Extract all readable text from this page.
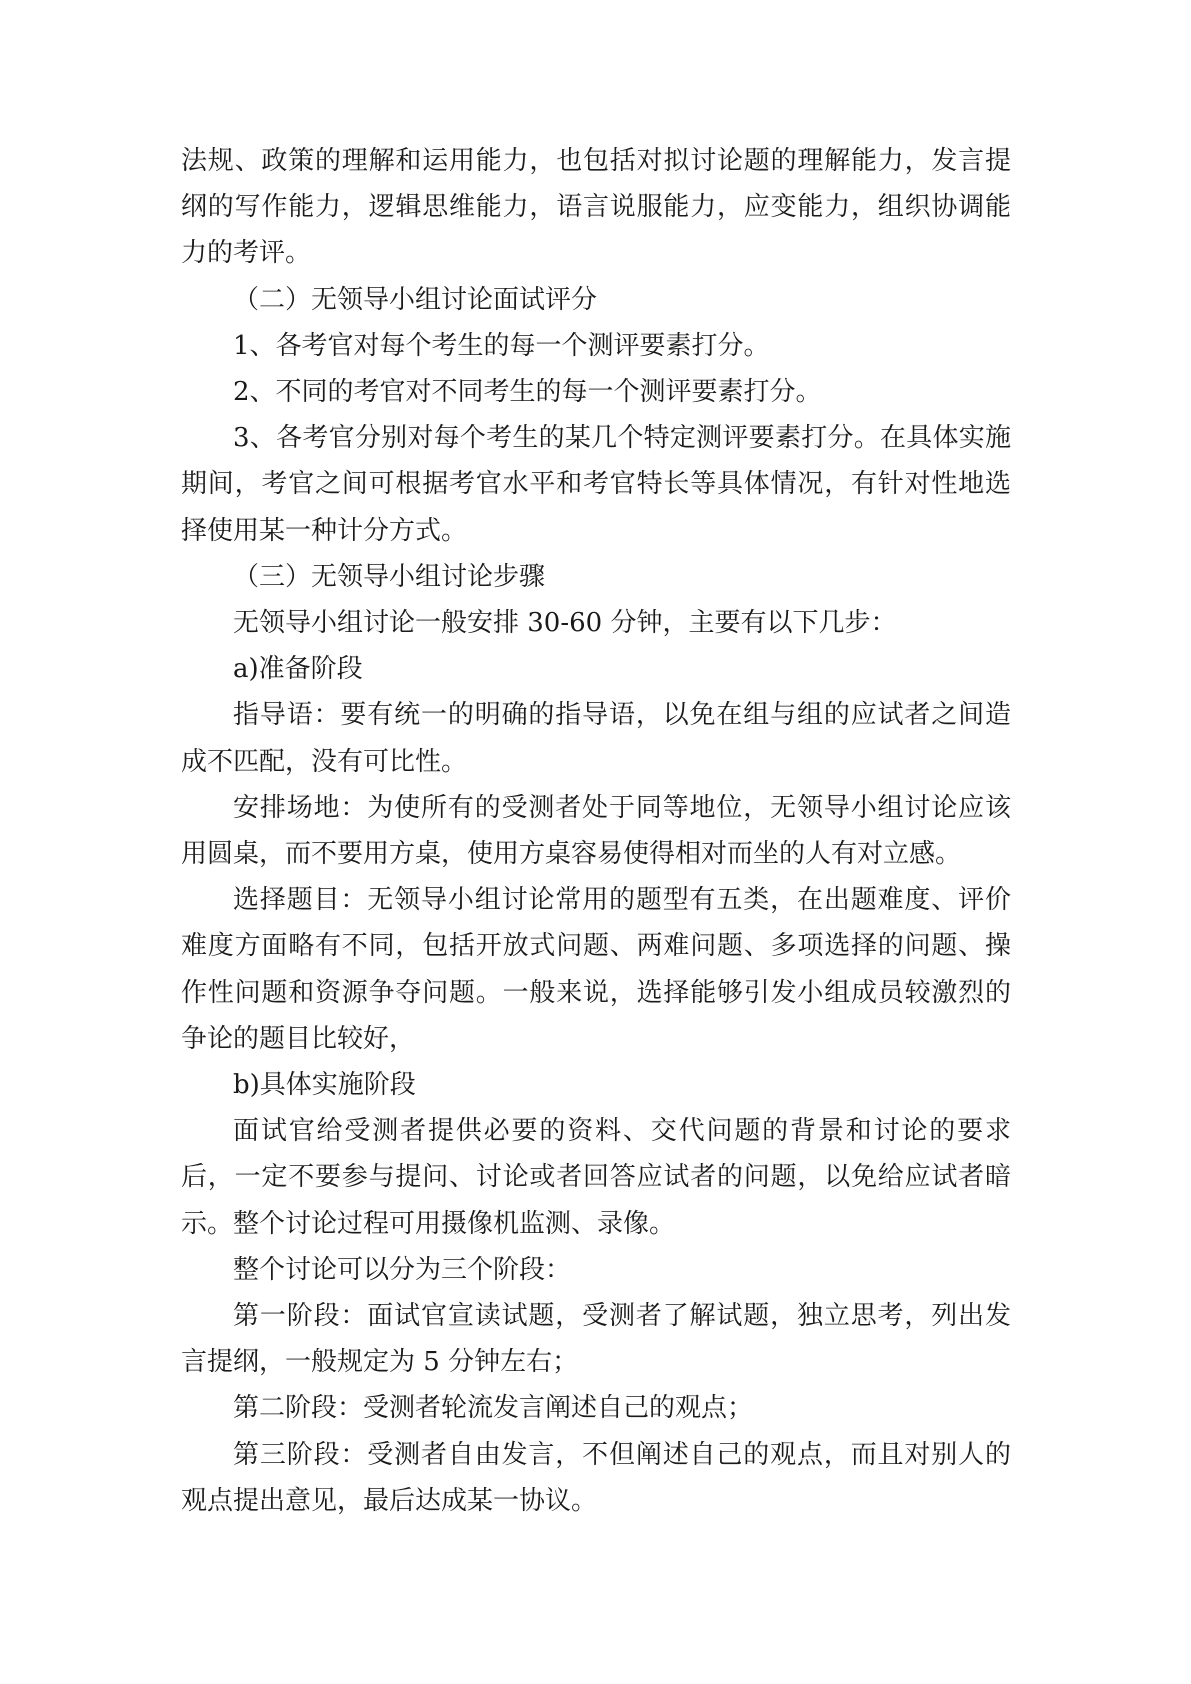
法规、政策的理解和运用能力，也包括对拟讨论题的理解能力，发言提纲的写作能力，逻辑思维能力，语言说服能力，应变能力，组织协调能力的考评。

（二）无领导小组讨论面试评分

1、各考官对每个考生的每一个测评要素打分。

2、不同的考官对不同考生的每一个测评要素打分。

3、各考官分别对每个考生的某几个特定测评要素打分。在具体实施期间，考官之间可根据考官水平和考官特长等具体情况，有针对性地选择使用某一种计分方式。

（三）无领导小组讨论步骤

无领导小组讨论一般安排 30-60 分钟，主要有以下几步：

a)准备阶段

指导语：要有统一的明确的指导语，以免在组与组的应试者之间造成不匹配，没有可比性。

安排场地：为使所有的受测者处于同等地位，无领导小组讨论应该用圆桌，而不要用方桌，使用方桌容易使得相对而坐的人有对立感。

选择题目：无领导小组讨论常用的题型有五类，在出题难度、评价难度方面略有不同，包括开放式问题、两难问题、多项选择的问题、操作性问题和资源争夺问题。一般来说，选择能够引发小组成员较激烈的争论的题目比较好，

b)具体实施阶段

面试官给受测者提供必要的资料、交代问题的背景和讨论的要求后，一定不要参与提问、讨论或者回答应试者的问题，以免给应试者暗示。整个讨论过程可用摄像机监测、录像。

整个讨论可以分为三个阶段：

第一阶段：面试官宣读试题，受测者了解试题，独立思考，列出发言提纲，一般规定为 5 分钟左右；

第二阶段：受测者轮流发言阐述自己的观点；

第三阶段：受测者自由发言，不但阐述自己的观点，而且对别人的观点提出意见，最后达成某一协议。
